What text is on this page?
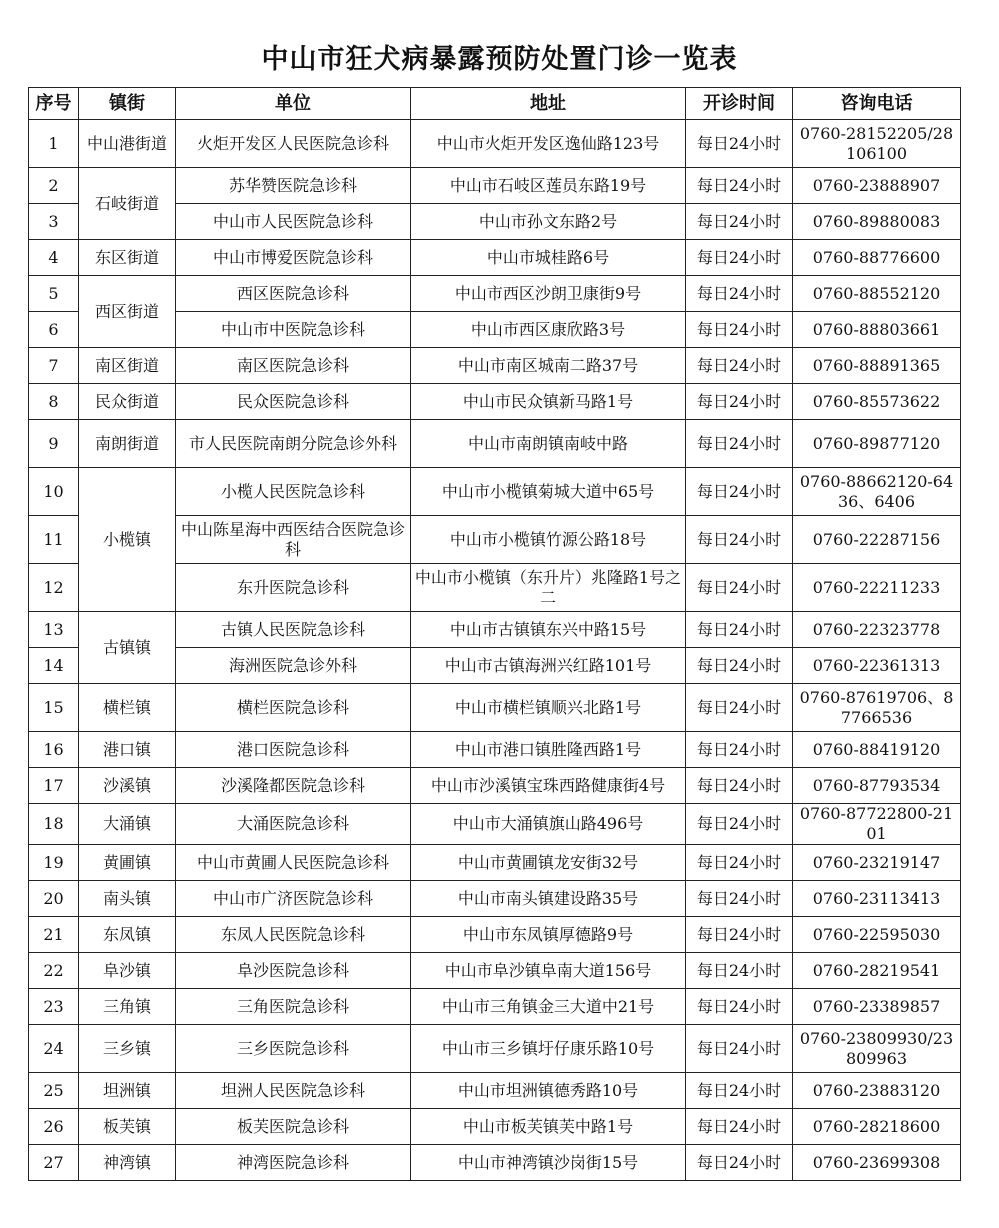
中山市狂犬病暴露预防处置门诊一览表
序号	镇街	单位	地址	开诊时间	咨询电话
1	中山港街道	火炬开发区人民医院急诊科	中山市火炬开发区逸仙路123号	每日24小时	0760-28152205/28106100
2	石岐街道	苏华赞医院急诊科	中山市石岐区莲员东路19号	每日24小时	0760-23888907
3		中山市人民医院急诊科	中山市孙文东路2号	每日24小时	0760-89880083
4	东区街道	中山市博爱医院急诊科	中山市城桂路6号	每日24小时	0760-88776600
5	西区街道	西区医院急诊科	中山市西区沙朗卫康街9号	每日24小时	0760-88552120
6		中山市中医院急诊科	中山市西区康欣路3号	每日24小时	0760-88803661
7	南区街道	南区医院急诊科	中山市南区城南二路37号	每日24小时	0760-88891365
8	民众街道	民众医院急诊科	中山市民众镇新马路1号	每日24小时	0760-85573622
9	南朗街道	市人民医院南朗分院急诊外科	中山市南朗镇南岐中路	每日24小时	0760-89877120
10	小榄镇	小榄人民医院急诊科	中山市小榄镇菊城大道中65号	每日24小时	0760-88662120-6436、6406
11		中山陈星海中西医结合医院急诊科	中山市小榄镇竹源公路18号	每日24小时	0760-22287156
12		东升医院急诊科	中山市小榄镇（东升片）兆隆路1号之二	每日24小时	0760-22211233
13	古镇镇	古镇人民医院急诊科	中山市古镇镇东兴中路15号	每日24小时	0760-22323778
14		海洲医院急诊外科	中山市古镇海洲兴红路101号	每日24小时	0760-22361313
15	横栏镇	横栏医院急诊科	中山市横栏镇顺兴北路1号	每日24小时	0760-87619706、87766536
16	港口镇	港口医院急诊科	中山市港口镇胜隆西路1号	每日24小时	0760-88419120
17	沙溪镇	沙溪隆都医院急诊科	中山市沙溪镇宝珠西路健康街4号	每日24小时	0760-87793534
18	大涌镇	大涌医院急诊科	中山市大涌镇旗山路496号	每日24小时	0760-87722800-2101
19	黄圃镇	中山市黄圃人民医院急诊科	中山市黄圃镇龙安街32号	每日24小时	0760-23219147
20	南头镇	中山市广济医院急诊科	中山市南头镇建设路35号	每日24小时	0760-23113413
21	东凤镇	东凤人民医院急诊科	中山市东凤镇厚德路9号	每日24小时	0760-22595030
22	阜沙镇	阜沙医院急诊科	中山市阜沙镇阜南大道156号	每日24小时	0760-28219541
23	三角镇	三角医院急诊科	中山市三角镇金三大道中21号	每日24小时	0760-23389857
24	三乡镇	三乡医院急诊科	中山市三乡镇圩仔康乐路10号	每日24小时	0760-23809930/23809963
25	坦洲镇	坦洲人民医院急诊科	中山市坦洲镇德秀路10号	每日24小时	0760-23883120
26	板芙镇	板芙医院急诊科	中山市板芙镇芙中路1号	每日24小时	0760-28218600
27	神湾镇	神湾医院急诊科	中山市神湾镇沙岗街15号	每日24小时	0760-23699308
